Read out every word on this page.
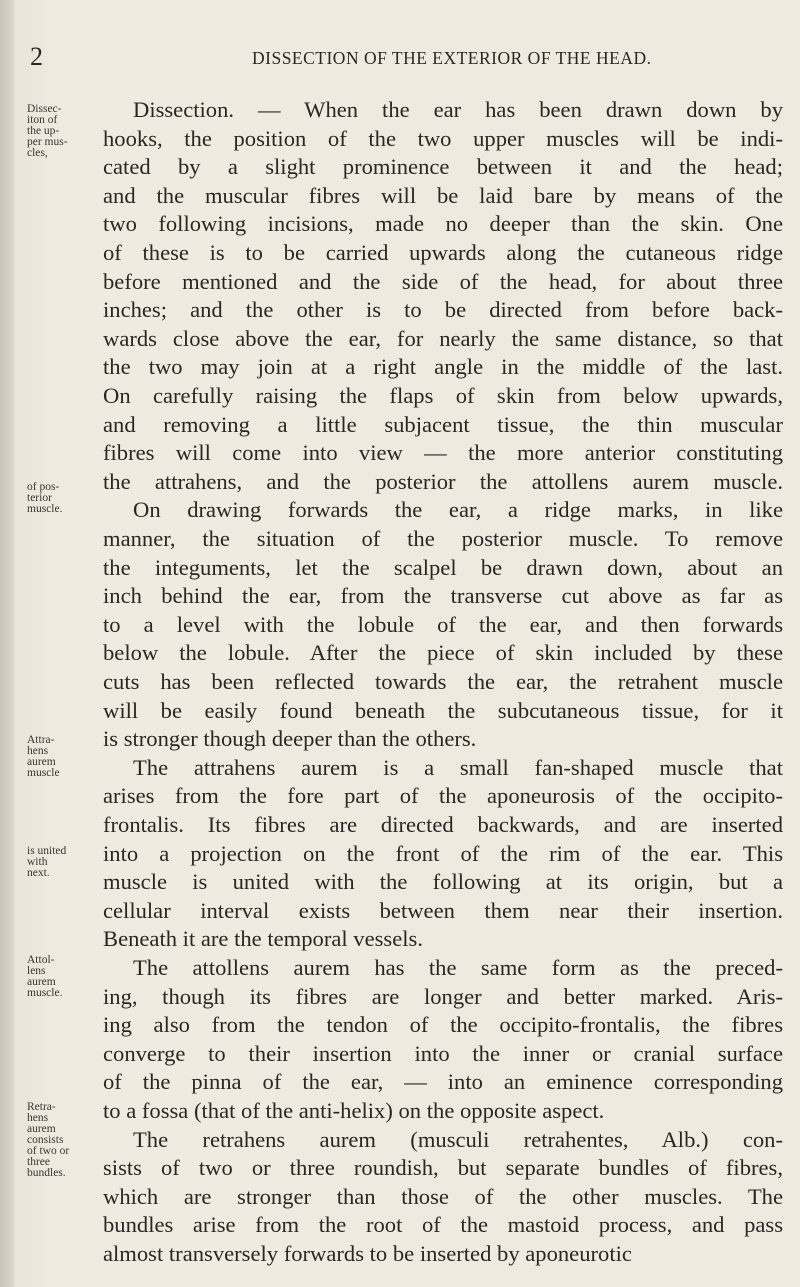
2	DISSECTION OF THE EXTERIOR OF THE HEAD.
Dissec-
iton of
the up-
per mus-
cles,
of pos-
terior
muscle.
Attra-
hens
aurem
muscle
is united
with
next.
Attol-
lens
aurem
muscle.
Retra-
hens
aurem
consists
of two or
three
bundles.
Dissection. — When the ear has been drawn down by
hooks, the position of the two upper muscles will be indi-
cated by a slight prominence between it and the head;
and the muscular fibres will be laid bare by means of the
two following incisions, made no deeper than the skin. One
of these is to be carried upwards along the cutaneous ridge
before mentioned and the side of the head, for about three
inches; and the other is to be directed from before back-
wards close above the ear, for nearly the same distance, so that
the two may join at a right angle in the middle of the last.
On carefully raising the flaps of skin from below upwards,
and removing a little subjacent tissue, the thin muscular
fibres will come into view — the more anterior constituting
the attrahens, and the posterior the attollens aurem muscle.
On drawing forwards the ear, a ridge marks, in like
manner, the situation of the posterior muscle. To remove
the integuments, let the scalpel be drawn down, about an
inch behind the ear, from the transverse cut above as far as
to a level with the lobule of the ear, and then forwards
below the lobule. After the piece of skin included by these
cuts has been reflected towards the ear, the retrahent muscle
will be easily found beneath the subcutaneous tissue, for it
is stronger though deeper than the others.
The attrahens aurem is a small fan-shaped muscle that
arises from the fore part of the aponeurosis of the occipito-
frontalis. Its fibres are directed backwards, and are inserted
into a projection on the front of the rim of the ear. This
muscle is united with the following at its origin, but a
cellular interval exists between them near their insertion.
Beneath it are the temporal vessels.
The attollens aurem has the same form as the preced-
ing, though its fibres are longer and better marked. Aris-
ing also from the tendon of the occipito-frontalis, the fibres
converge to their insertion into the inner or cranial surface
of the pinna of the ear, — into an eminence corresponding
to a fossa (that of the anti-helix) on the opposite aspect.
The retrahens aurem (musculi retrahentes, Alb.) con-
sists of two or three roundish, but separate bundles of fibres,
which are stronger than those of the other muscles. The
bundles arise from the root of the mastoid process, and pass
almost transversely forwards to be inserted by aponeurotic
